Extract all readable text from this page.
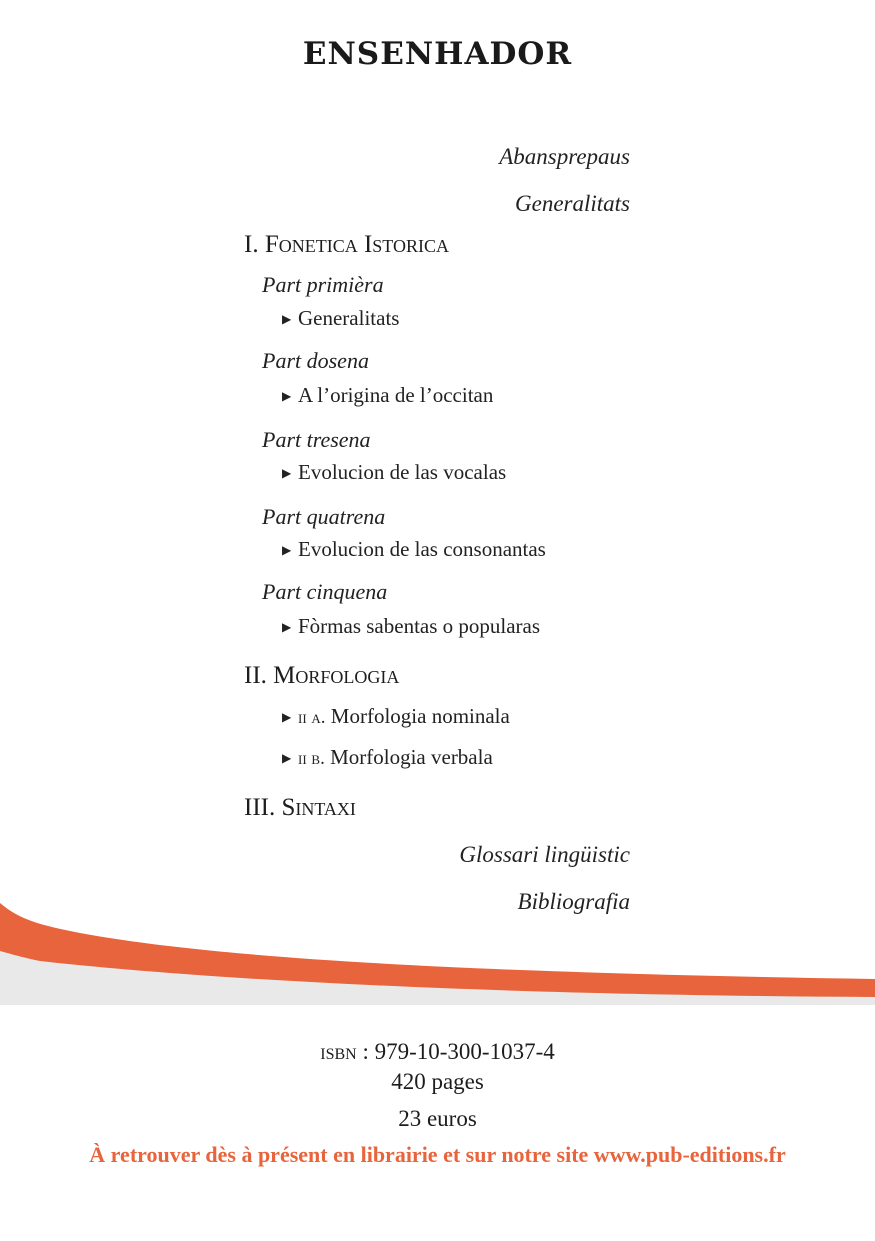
ENSENHADOR
Abansprepaus
Generalitats
I. Fonetica Istorica
Part primièra
▶ Generalitats
Part dosena
▶ A l’origina de l’occitan
Part tresena
▶ Evolucion de las vocalas
Part quatrena
▶ Evolucion de las consonantas
Part cinquena
▶ Fòrmas sabentas o popularas
II. Morfologia
▶ ii a. Morfologia nominala
▶ ii b. Morfologia verbala
III. Sintaxi
Glossari lingüistic
Bibliografia
isbn : 979-10-300-1037-4
420 pages
23 euros
À retrouver dès à présent en librairie et sur notre site www.pub-editions.fr
